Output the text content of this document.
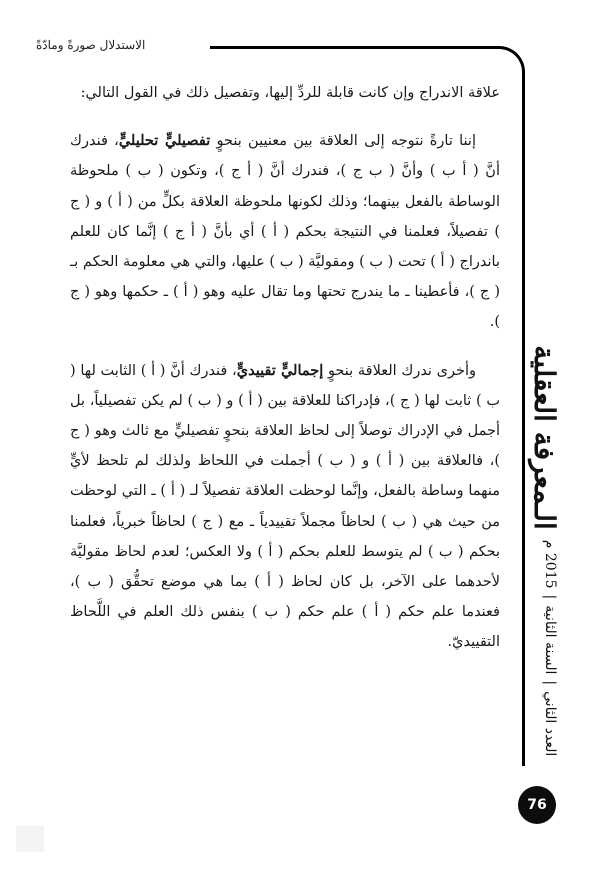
الاستدلال صورةً ومادّةً
الـمعرفة العقلية
العدد الثاني|السنة الثانية|2015 م
76

علاقة الاندراج وإن كانت قابلة للردِّ إليها، وتفصيل ذلك في القول التالي:

إننا تارةً نتوجه إلى العلاقة بين معنيين بنحوٍ تفصيليٍّ تحليليٍّ، فندرك أنَّ ( أ ب ) وأنَّ ( ب ج )، فندرك أنَّ ( أ ج )، وتكون ( ب ) ملحوظة الوساطة بالفعل بينهما؛ وذلك لكونها ملحوظة العلاقة بكلٍّ من ( أ ) و ( ج ) تفصيلاً، فعلمنا في النتيجة بحكم ( أ ) أي بأنَّ ( أ ج ) إنَّما كان للعلم باندراج ( أ ) تحت ( ب ) ومقوليَّة ( ب ) عليها، والتي هي معلومة الحكم بـ ( ج )، فأعطينا ـ ما يندرج تحتها وما تقال عليه وهو ( أ ) ـ حكمها وهو ( ج ).

وأخرى ندرك العلاقة بنحوٍ إجماليٍّ تقييديٍّ، فندرك أنَّ ( أ ) الثابت لها ( ب ) ثابت لها ( ج )، فإدراكنا للعلاقة بين ( أ ) و ( ب ) لم يكن تفصيلياً، بل أجمل في الإدراك توصلاً إلى لحاظ العلاقة بنحوٍ تفصيليٍّ مع ثالث وهو ( ج )، فالعلاقة بين ( أ ) و ( ب ) أجملت في اللحاظ ولذلك لم تلحظ لأيٍّ منهما وساطة بالفعل، وإنَّما لوحظت العلاقة تفصيلاً لـ ( أ ) ـ التي لوحظت من حيث هي ( ب ) لحاظاً مجملاً تقييدياً ـ مع ( ج ) لحاظاً خبرياً، فعلمنا بحكم ( ب ) لم يتوسط للعلم بحكم ( أ ) ولا العكس؛ لعدم لحاظ مقوليَّة لأحدهما على الآخر، بل كان لحاظ ( أ ) بما هي موضع تحقُّق ( ب )، فعندما علم حكم ( أ ) علم حكم ( ب ) بنفس ذلك العلم في اللَّحاظ التقييديّ.
